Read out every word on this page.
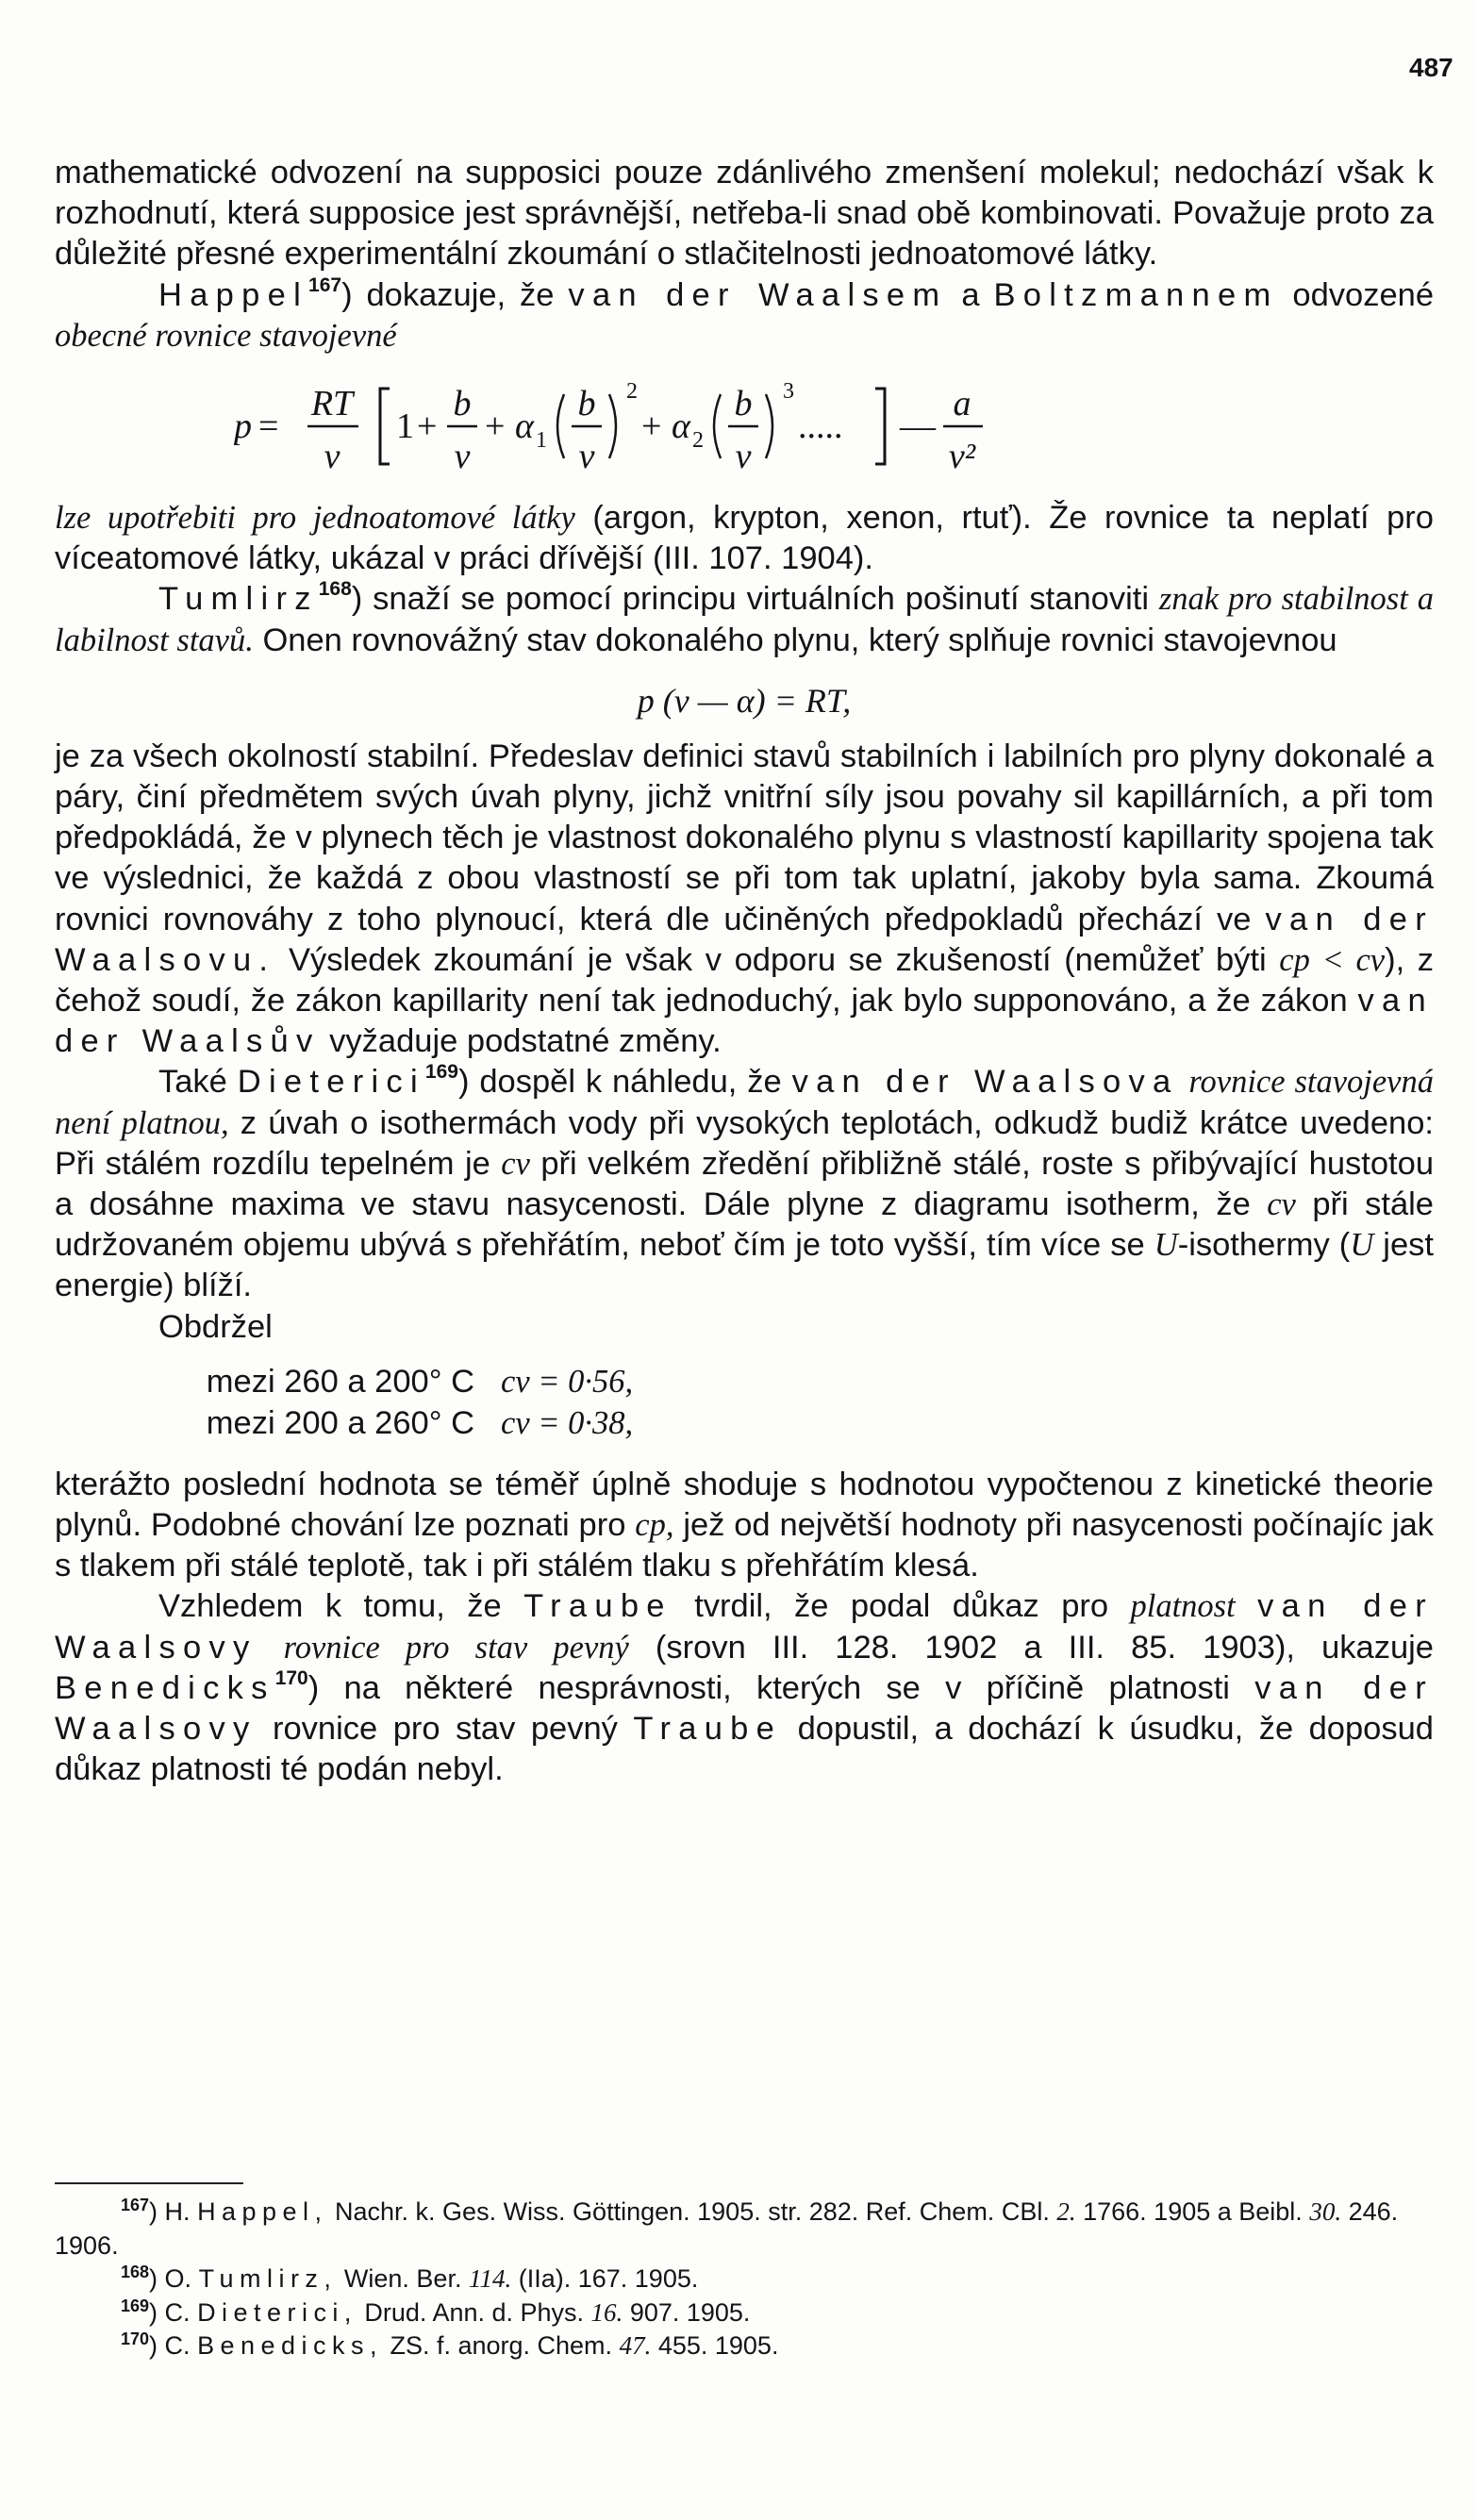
487

mathematické odvození na supposici pouze zdánlivého zmenšení molekul; nedochází však k rozhodnutí, která supposice jest správnější, netřeba-li snad obě kombinovati. Považuje proto za důležité přesné experimentální zkoumání o stlačitelnosti jednoatomové látky.

Happel$^{167}$) dokazuje, že van der Waalsem a Boltzmannem odvozené obecné rovnice stavojevné

p =
RT
v
1 +
b
v
+ α 1
b
v
2
+ α 2
b
v
3
..... —
a
v²

lze upotřebiti pro jednoatomové látky (argon, krypton, xenon, rtuť). Že rovnice ta neplatí pro víceatomové látky, ukázal v práci dřívější (III. 107. 1904).

Tumlirz$^{168}$) snaží se pomocí principu virtuálních pošinutí stanoviti znak pro stabilnost a labilnost stavů. Onen rovnovážný stav dokonalého plynu, který splňuje rovnici stavojevnou

p (v — α) = RT,

je za všech okolností stabilní. Předeslav definici stavů stabilních i labilních pro plyny dokonalé a páry, činí předmětem svých úvah plyny, jichž vnitřní síly jsou povahy sil kapillárních, a při tom předpokládá, že v plynech těch je vlastnost dokonalého plynu s vlastností kapillarity spojena tak ve výslednici, že každá z obou vlastností se při tom tak uplatní, jakoby byla sama. Zkoumá rovnici rovnováhy z toho plynoucí, která dle učiněných předpokladů přechází ve van der Waalsovu. Výsledek zkoumání je však v odporu se zkušeností (nemůžeť býti cp < cv), z čehož soudí, že zákon kapillarity není tak jednoduchý, jak bylo supponováno, a že zákon van der Waalsův vyžaduje podstatné změny.

Také Dieterici$^{169}$) dospěl k náhledu, že van der Waalsova rovnice stavojevná není platnou, z úvah o isothermách vody při vysokých teplotách, odkudž budiž krátce uvedeno: Při stálém rozdílu tepelném je cv při velkém zředění přibližně stálé, roste s přibývající hustotou a dosáhne maxima ve stavu nasycenosti. Dále plyne z diagramu isotherm, že cv při stále udržovaném objemu ubývá s přehřátím, neboť čím je toto vyšší, tím více se U-isothermy (U jest energie) blíží.

Obdržel

mezi 260 a 200° C cv = 0·56,
mezi 200 a 260° C cv = 0·38,

kterážto poslední hodnota se téměř úplně shoduje s hodnotou vypočtenou z kinetické theorie plynů. Podobné chování lze poznati pro cp, jež od největší hodnoty při nasycenosti počínajíc jak s tlakem při stálé teplotě, tak i při stálém tlaku s přehřátím klesá.

Vzhledem k tomu, že Traube tvrdil, že podal důkaz pro platnost van der Waalsovy rovnice pro stav pevný (srovn III. 128. 1902 a III. 85. 1903), ukazuje Benedicks$^{170}$) na některé nesprávnosti, kterých se v příčině platnosti van der Waalsovy rovnice pro stav pevný Traube dopustil, a dochází k úsudku, že doposud důkaz platnosti té podán nebyl.

$^{167}$) H. Happel, Nachr. k. Ges. Wiss. Göttingen. 1905. str. 282. Ref. Chem. CBl. 2. 1766. 1905 a Beibl. 30. 246. 1906.
$^{168}$) O. Tumlirz, Wien. Ber. 114. (IIa). 167. 1905.
$^{169}$) C. Dieterici, Drud. Ann. d. Phys. 16. 907. 1905.
$^{170}$) C. Benedicks, ZS. f. anorg. Chem. 47. 455. 1905.
